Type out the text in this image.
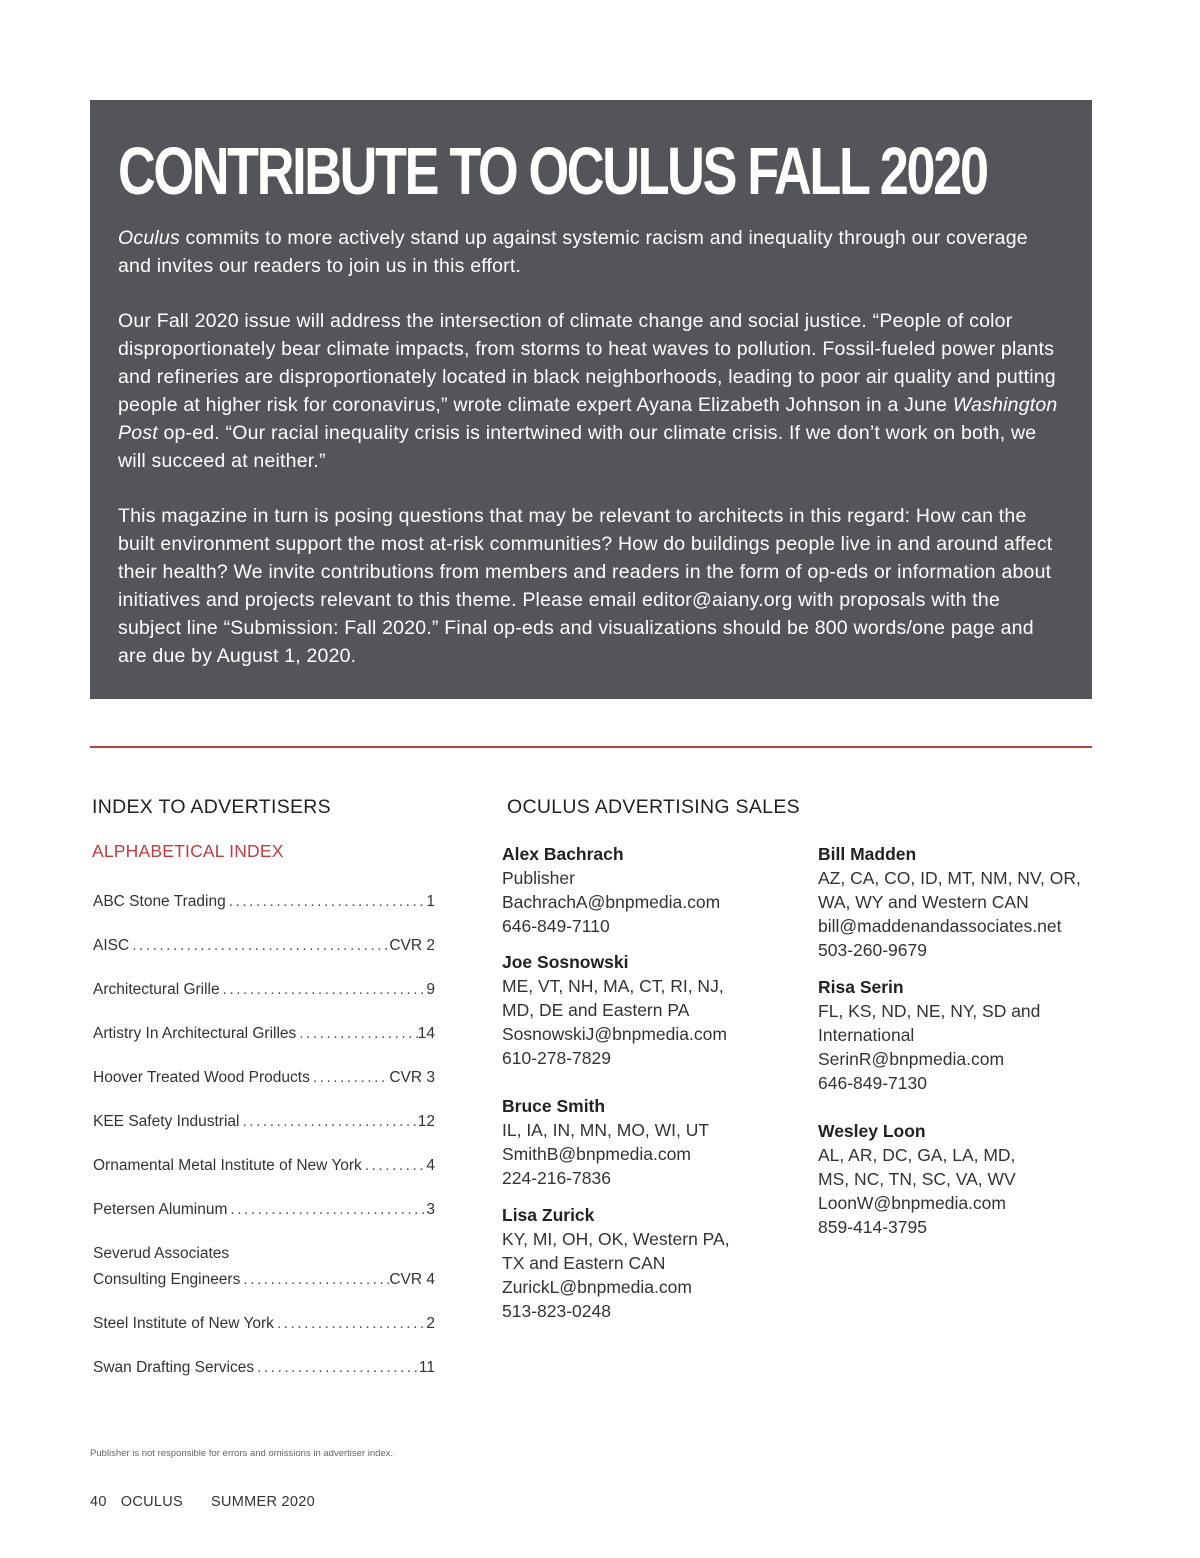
CONTRIBUTE TO OCULUS FALL 2020

Oculus commits to more actively stand up against systemic racism and inequality through our coverage and invites our readers to join us in this effort.

Our Fall 2020 issue will address the intersection of climate change and social justice. “People of color disproportionately bear climate impacts, from storms to heat waves to pollution. Fossil-fueled power plants and refineries are disproportionately located in black neighborhoods, leading to poor air quality and putting people at higher risk for coronavirus,” wrote climate expert Ayana Elizabeth Johnson in a June Washington Post op-ed. “Our racial inequality crisis is intertwined with our climate crisis. If we don’t work on both, we will succeed at neither.”

This magazine in turn is posing questions that may be relevant to architects in this regard: How can the built environment support the most at-risk communities? How do buildings people live in and around affect their health? We invite contributions from members and readers in the form of op-eds or information about initiatives and projects relevant to this theme. Please email editor@aiany.org with proposals with the subject line “Submission: Fall 2020.” Final op-eds and visualizations should be 800 words/one page and are due by August 1, 2020.

INDEX TO ADVERTISERS	OCULUS ADVERTISING SALES
ALPHABETICAL INDEX
ABC Stone Trading .....	1
AISC .....	CVR 2
Architectural Grille .....	9
Artistry In Architectural Grilles .....	14
Hoover Treated Wood Products .....	CVR 3
KEE Safety Industrial .....	12
Ornamental Metal Institute of New York .....	4
Petersen Aluminum .....	3
Severud Associates
Consulting Engineers .....	CVR 4
Steel Institute of New York .....	2
Swan Drafting Services .....	11
Alex Bachrach
Publisher
BachrachA@bnpmedia.com
646-849-7110
Joe Sosnowski
ME, VT, NH, MA, CT, RI, NJ,
MD, DE and Eastern PA
SosnowskiJ@bnpmedia.com
610-278-7829
Bruce Smith
IL, IA, IN, MN, MO, WI, UT
SmithB@bnpmedia.com
224-216-7836
Lisa Zurick
KY, MI, OH, OK, Western PA,
TX and Eastern CAN
ZurickL@bnpmedia.com
513-823-0248
Bill Madden
AZ, CA, CO, ID, MT, NM, NV, OR,
WA, WY and Western CAN
bill@maddenandassociates.net
503-260-9679
Risa Serin
FL, KS, ND, NE, NY, SD and
International
SerinR@bnpmedia.com
646-849-7130
Wesley Loon
AL, AR, DC, GA, LA, MD,
MS, NC, TN, SC, VA, WV
LoonW@bnpmedia.com
859-414-3795
Publisher is not responsible for errors and omissions in advertiser index.
40 OCULUS SUMMER 2020
